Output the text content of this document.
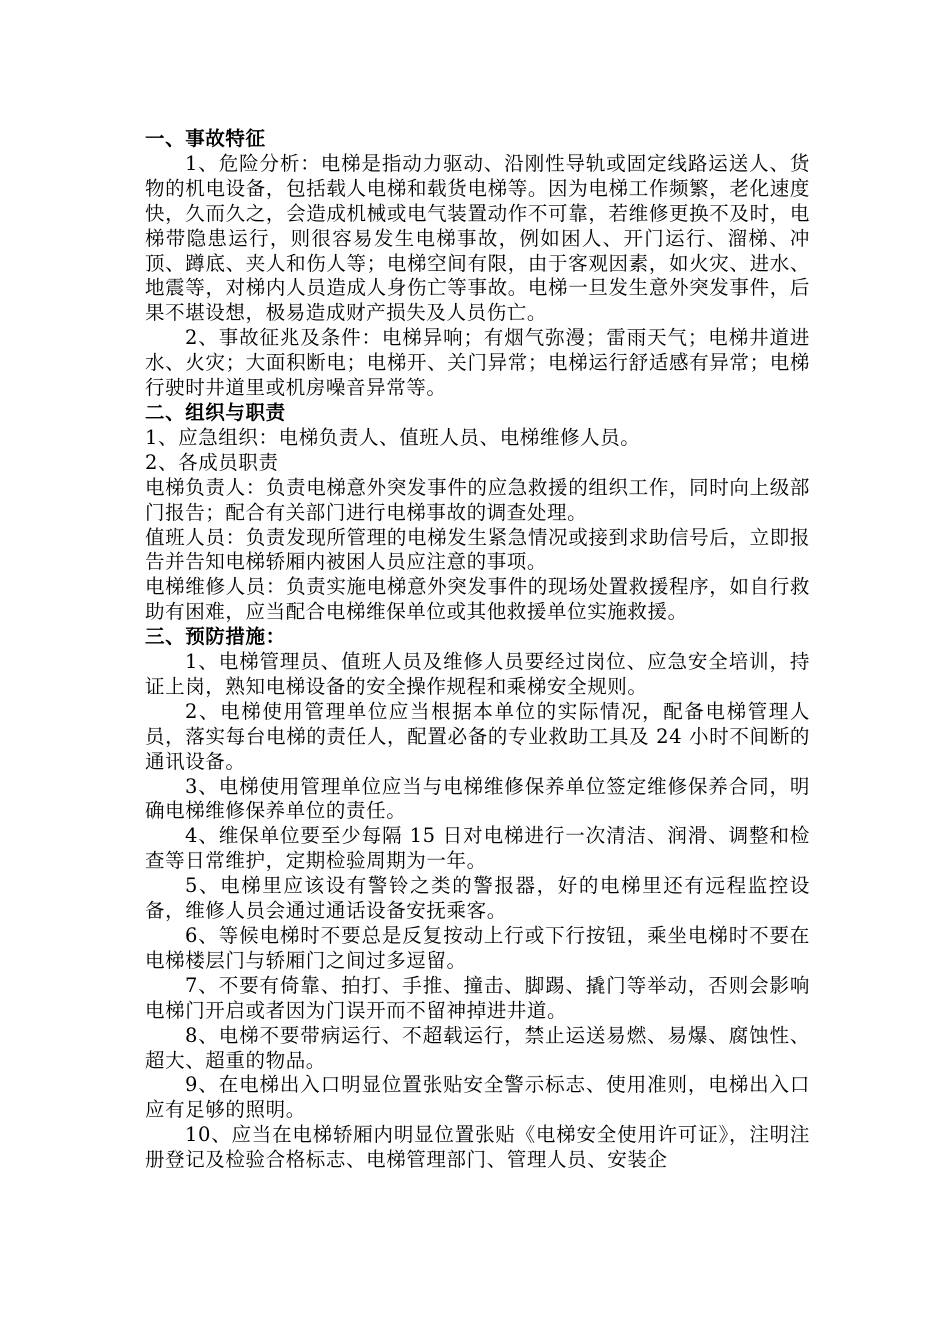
一、事故特征

1、危险分析：电梯是指动力驱动、沿刚性导轨或固定线路运送人、货物的机电设备，包括载人电梯和载货电梯等。因为电梯工作频繁，老化速度快，久而久之，会造成机械或电气装置动作不可靠，若维修更换不及时，电梯带隐患运行，则很容易发生电梯事故，例如困人、开门运行、溜梯、冲顶、蹲底、夹人和伤人等；电梯空间有限，由于客观因素，如火灾、进水、地震等，对梯内人员造成人身伤亡等事故。电梯一旦发生意外突发事件，后果不堪设想，极易造成财产损失及人员伤亡。

2、事故征兆及条件：电梯异响；有烟气弥漫；雷雨天气；电梯井道进水、火灾；大面积断电；电梯开、关门异常；电梯运行舒适感有异常；电梯行驶时井道里或机房噪音异常等。

二、组织与职责

1、应急组织：电梯负责人、值班人员、电梯维修人员。

2、各成员职责

电梯负责人：负责电梯意外突发事件的应急救援的组织工作，同时向上级部门报告；配合有关部门进行电梯事故的调查处理。

值班人员：负责发现所管理的电梯发生紧急情况或接到求助信号后，立即报告并告知电梯轿厢内被困人员应注意的事项。

电梯维修人员：负责实施电梯意外突发事件的现场处置救援程序，如自行救助有困难，应当配合电梯维保单位或其他救援单位实施救援。

三、预防措施：

1、电梯管理员、值班人员及维修人员要经过岗位、应急安全培训，持证上岗，熟知电梯设备的安全操作规程和乘梯安全规则。

2、电梯使用管理单位应当根据本单位的实际情况，配备电梯管理人员，落实每台电梯的责任人，配置必备的专业救助工具及 24 小时不间断的通讯设备。

3、电梯使用管理单位应当与电梯维修保养单位签定维修保养合同，明确电梯维修保养单位的责任。

4、维保单位要至少每隔 15 日对电梯进行一次清洁、润滑、调整和检查等日常维护，定期检验周期为一年。

5、电梯里应该设有警铃之类的警报器，好的电梯里还有远程监控设备，维修人员会通过通话设备安抚乘客。

6、等候电梯时不要总是反复按动上行或下行按钮，乘坐电梯时不要在电梯楼层门与轿厢门之间过多逗留。

7、不要有倚靠、拍打、手推、撞击、脚踢、撬门等举动，否则会影响电梯门开启或者因为门误开而不留神掉进井道。

8、电梯不要带病运行、不超载运行，禁止运送易燃、易爆、腐蚀性、超大、超重的物品。

9、在电梯出入口明显位置张贴安全警示标志、使用准则，电梯出入口应有足够的照明。

10、应当在电梯轿厢内明显位置张贴《电梯安全使用许可证》，注明注册登记及检验合格标志、电梯管理部门、管理人员、安装企
